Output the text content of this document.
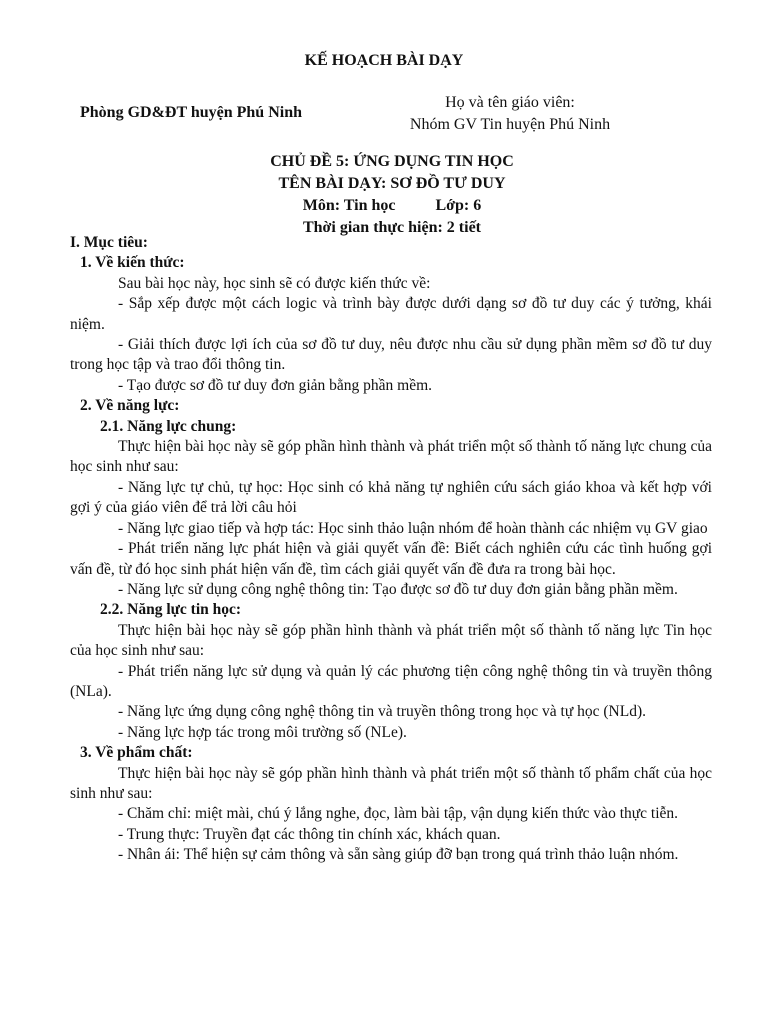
KẾ HOẠCH BÀI DẠY
Phòng GD&ĐT huyện Phú Ninh
Họ và tên giáo viên:
Nhóm GV Tin huyện Phú Ninh
CHỦ ĐỀ 5: ỨNG DỤNG TIN HỌC
TÊN BÀI DẠY: SƠ ĐỒ TƯ DUY
Môn: Tin học	Lớp: 6
Thời gian thực hiện: 2 tiết

I. Mục tiêu:

1. Về kiến thức:

Sau bài học này, học sinh sẽ có được kiến thức về:

- Sắp xếp được một cách logic và trình bày được dưới dạng sơ đồ tư duy các ý tưởng, khái niệm.

- Giải thích được lợi ích của sơ đồ tư duy, nêu được nhu cầu sử dụng phần mềm sơ đồ tư duy trong học tập và trao đổi thông tin.

- Tạo được sơ đồ tư duy đơn giản bằng phần mềm.

2. Về năng lực:

2.1. Năng lực chung:

Thực hiện bài học này sẽ góp phần hình thành và phát triển một số thành tố năng lực chung của học sinh như sau:

- Năng lực tự chủ, tự học: Học sinh có khả năng tự nghiên cứu sách giáo khoa và kết hợp với gợi ý của giáo viên để trả lời câu hỏi

- Năng lực giao tiếp và hợp tác: Học sinh thảo luận nhóm để hoàn thành các nhiệm vụ GV giao

- Phát triển năng lực phát hiện và giải quyết vấn đề: Biết cách nghiên cứu các tình huống gợi vấn đề, từ đó học sinh phát hiện vấn đề, tìm cách giải quyết vấn đề đưa ra trong bài học.

- Năng lực sử dụng công nghệ thông tin: Tạo được sơ đồ tư duy đơn giản bằng phần mềm.

2.2. Năng lực tin học:

Thực hiện bài học này sẽ góp phần hình thành và phát triển một số thành tố năng lực Tin học của học sinh như sau:

- Phát triển năng lực sử dụng và quản lý các phương tiện công nghệ thông tin và truyền thông (NLa).

- Năng lực ứng dụng công nghệ thông tin và truyền thông trong học và tự học (NLd).

- Năng lực hợp tác trong môi trường số (NLe).

3. Về phẩm chất:

Thực hiện bài học này sẽ góp phần hình thành và phát triển một số thành tố phẩm chất của học sinh như sau:

- Chăm chỉ: miệt mài, chú ý lắng nghe, đọc, làm bài tập, vận dụng kiến thức vào thực tiễn.

- Trung thực: Truyền đạt các thông tin chính xác, khách quan.

- Nhân ái: Thể hiện sự cảm thông và sẵn sàng giúp đỡ bạn trong quá trình thảo luận nhóm.
